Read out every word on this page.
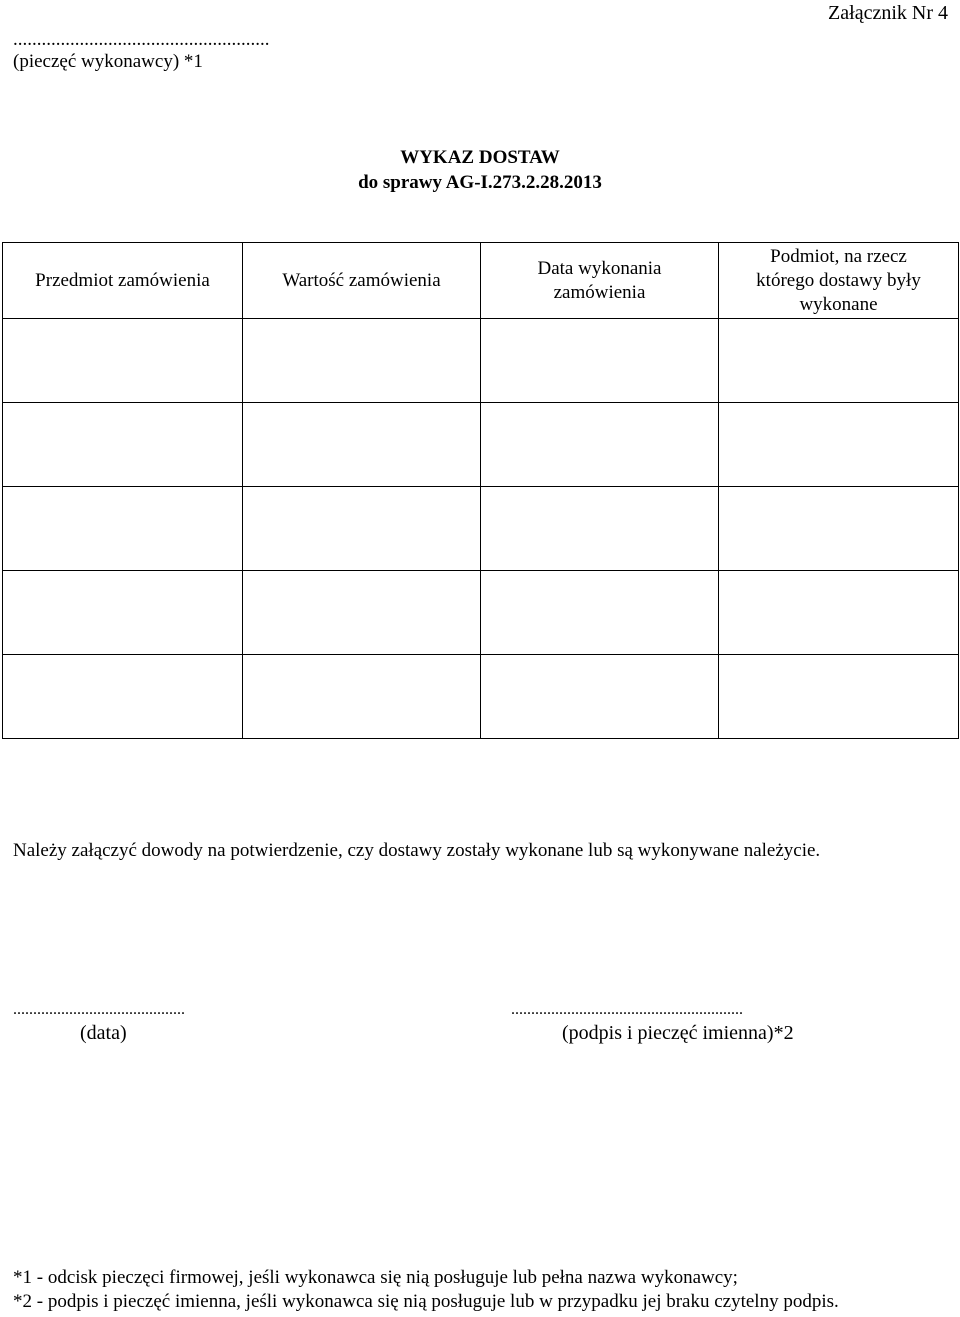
Załącznik Nr 4
......................................................
(pieczęć wykonawcy) *1
WYKAZ DOSTAW
do sprawy AG-I.273.2.28.2013
Przedmiot zamówienia	Wartość zamówienia	Data wykonania zamówienia	Podmiot, na rzecz którego dostawy były wykonane

Należy załączyć dowody na potwierdzenie, czy dostawy zostały wykonane lub są wykonywane należycie.
...........................................	..........................................................
(data)	(podpis i pieczęć imienna)*2
*1 - odcisk pieczęci firmowej, jeśli wykonawca się nią posługuje lub pełna nazwa wykonawcy;
*2 - podpis i pieczęć imienna, jeśli wykonawca się nią posługuje lub w przypadku jej braku czytelny podpis.
